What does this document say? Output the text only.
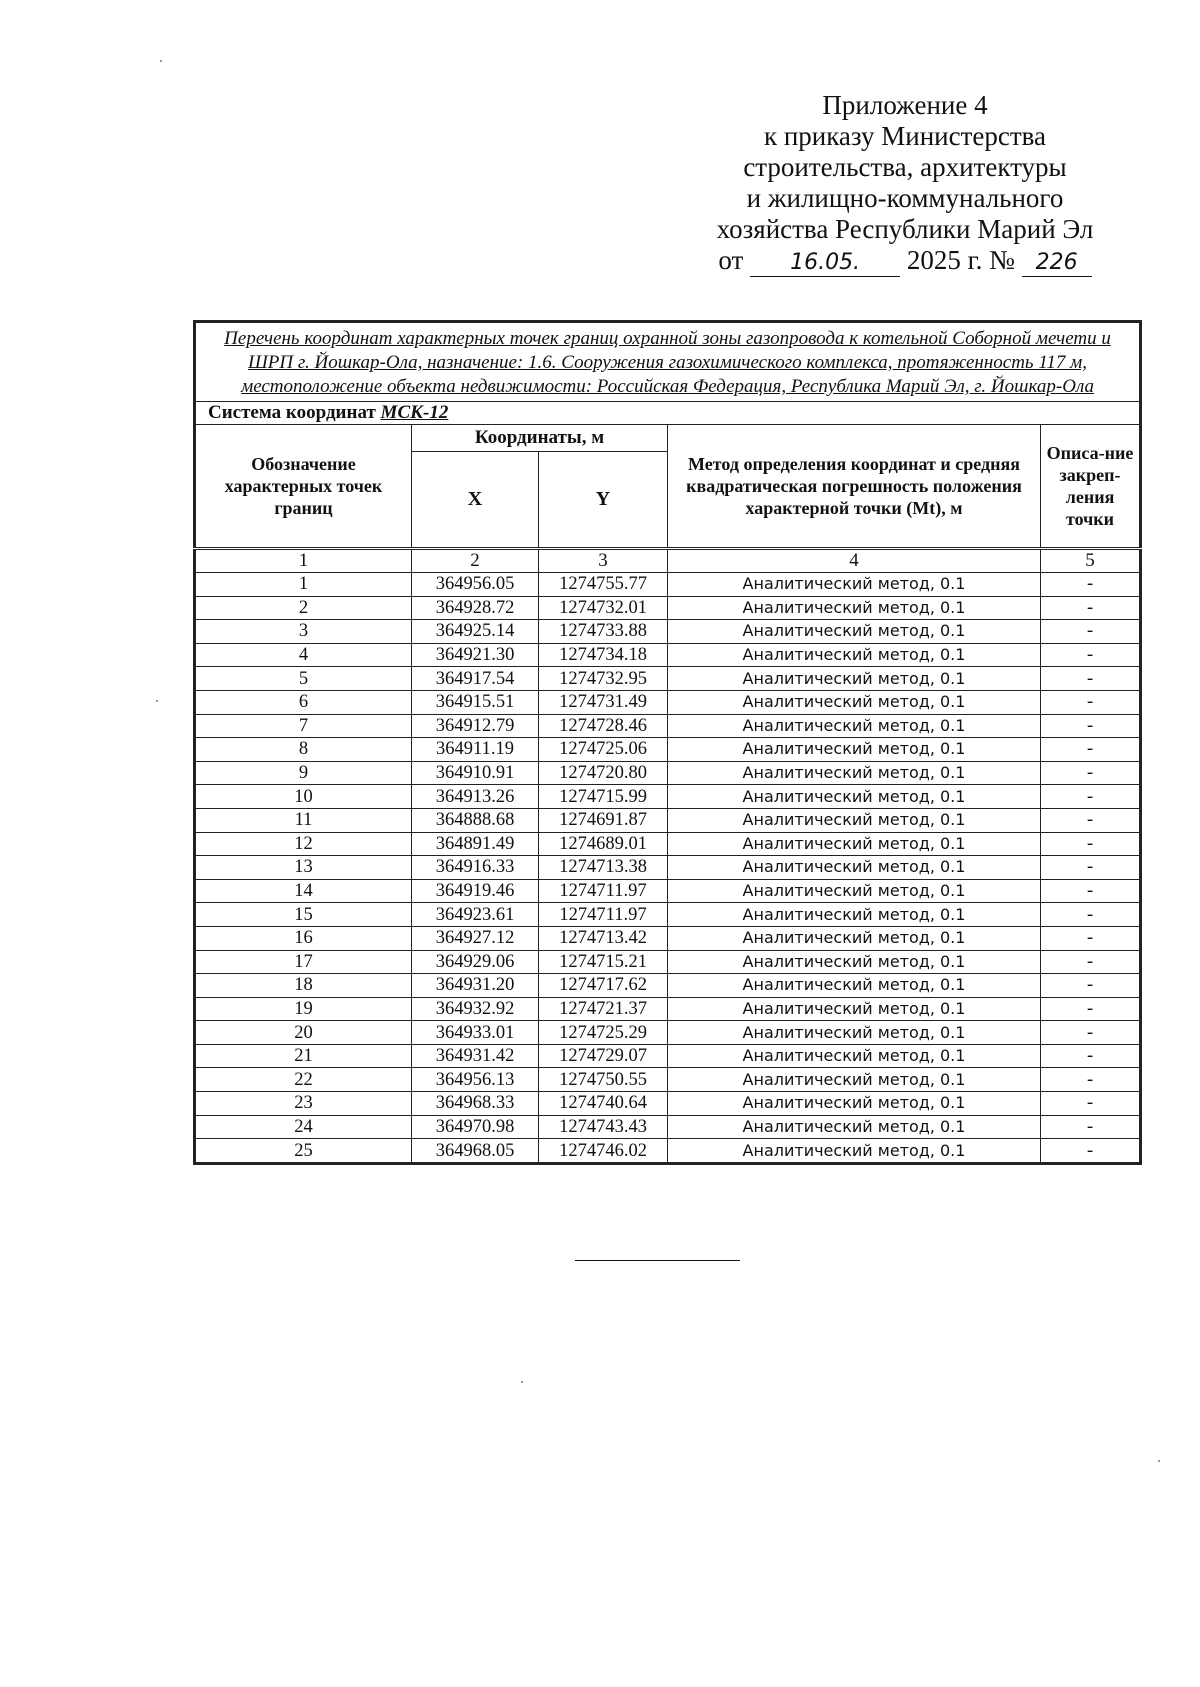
Приложение 4
к приказу Министерства
строительства, архитектуры
и жилищно-коммунального
хозяйства Республики Марий Эл
от 16.05. 2025 г. № 226
Перечень координат характерных точек границ охранной зоны газопровода к котельной Соборной мечети и ШРП г. Йошкар-Ола, назначение: 1.6. Сооружения газохимического комплекса, протяженность 117 м, местоположение объекта недвижимости: Российская Федерация, Республика Марий Эл, г. Йошкар-Ола				
Система координат МСК-12				
Обозначение характерных точек границ	Координаты, м		Метод определения координат и средняя квадратическая погрешность положения характерной точки (Mt), м	Описа-ние закреп-ления точки
	X	Y		
1	2	3	4	5
1	364956.05	1274755.77	Аналитический метод, 0.1	-
2	364928.72	1274732.01	Аналитический метод, 0.1	-
3	364925.14	1274733.88	Аналитический метод, 0.1	-
4	364921.30	1274734.18	Аналитический метод, 0.1	-
5	364917.54	1274732.95	Аналитический метод, 0.1	-
6	364915.51	1274731.49	Аналитический метод, 0.1	-
7	364912.79	1274728.46	Аналитический метод, 0.1	-
8	364911.19	1274725.06	Аналитический метод, 0.1	-
9	364910.91	1274720.80	Аналитический метод, 0.1	-
10	364913.26	1274715.99	Аналитический метод, 0.1	-
11	364888.68	1274691.87	Аналитический метод, 0.1	-
12	364891.49	1274689.01	Аналитический метод, 0.1	-
13	364916.33	1274713.38	Аналитический метод, 0.1	-
14	364919.46	1274711.97	Аналитический метод, 0.1	-
15	364923.61	1274711.97	Аналитический метод, 0.1	-
16	364927.12	1274713.42	Аналитический метод, 0.1	-
17	364929.06	1274715.21	Аналитический метод, 0.1	-
18	364931.20	1274717.62	Аналитический метод, 0.1	-
19	364932.92	1274721.37	Аналитический метод, 0.1	-
20	364933.01	1274725.29	Аналитический метод, 0.1	-
21	364931.42	1274729.07	Аналитический метод, 0.1	-
22	364956.13	1274750.55	Аналитический метод, 0.1	-
23	364968.33	1274740.64	Аналитический метод, 0.1	-
24	364970.98	1274743.43	Аналитический метод, 0.1	-
25	364968.05	1274746.02	Аналитический метод, 0.1	-
